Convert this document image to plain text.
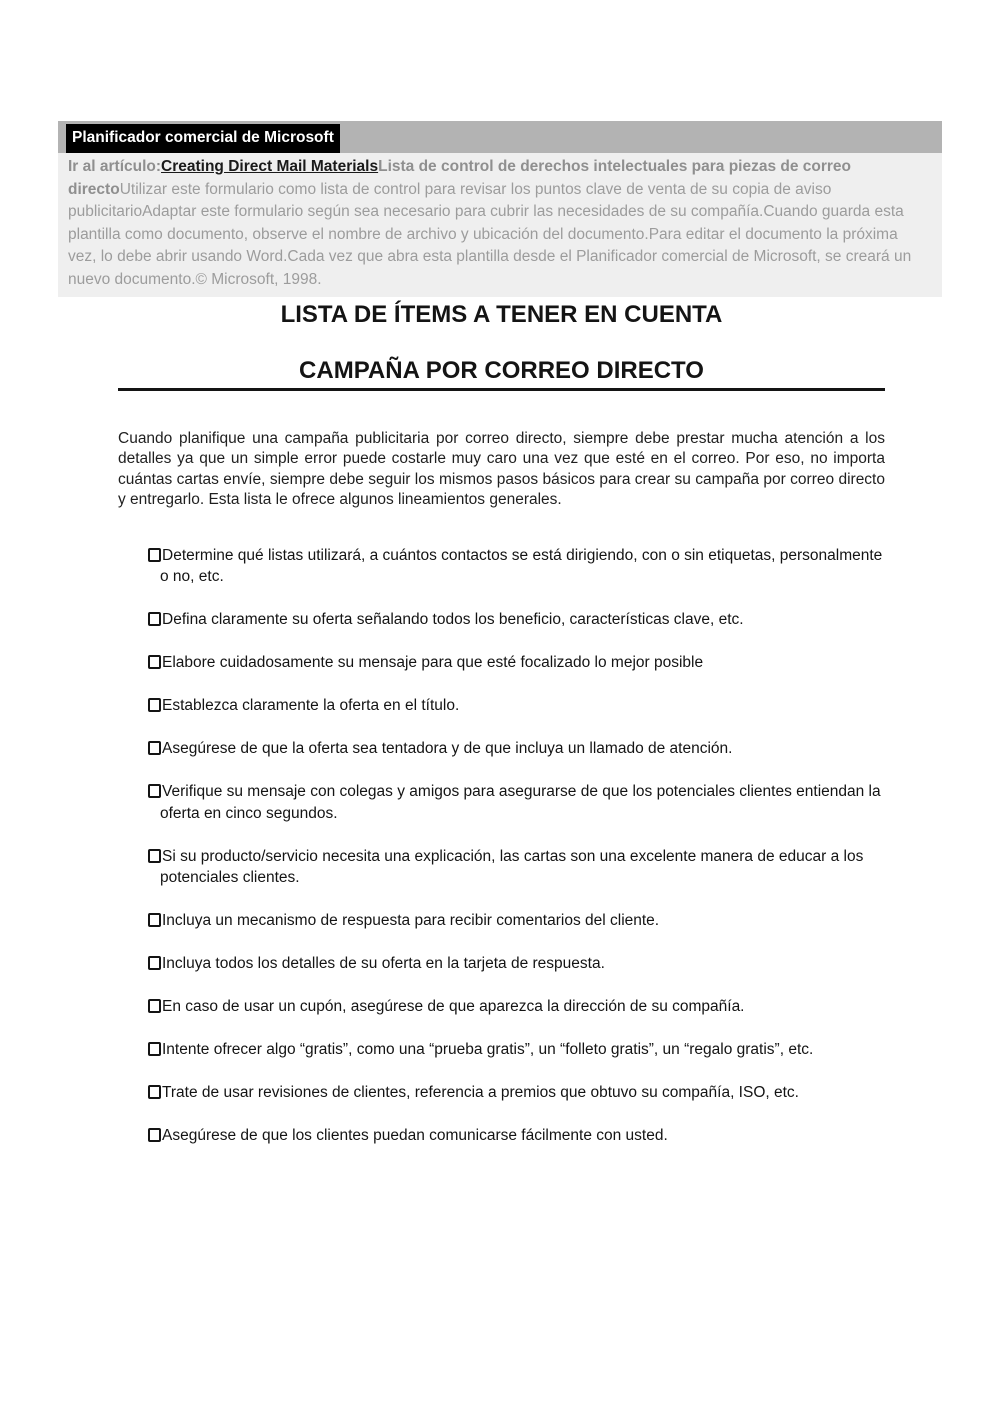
Planificador comercial de Microsoft

Ir al artículo:Creating Direct Mail MaterialsLista de control de derechos intelectuales para piezas de correo directoUtilizar este formulario como lista de control para revisar los puntos clave de venta de su copia de aviso publicitarioAdaptar este formulario según sea necesario para cubrir las necesidades de su compañía.Cuando guarda esta plantilla como documento, observe el nombre de archivo y ubicación del documento.Para editar el documento la próxima vez, lo debe abrir usando Word.Cada vez que abra esta plantilla desde el Planificador comercial de Microsoft, se creará un nuevo documento.© Microsoft, 1998.

LISTA DE ÍTEMS A TENER EN CUENTA
CAMPAÑA POR CORREO DIRECTO

Cuando planifique una campaña publicitaria por correo directo, siempre debe prestar mucha atención a los detalles ya que un simple error puede costarle muy caro una vez que esté en el correo. Por eso, no importa cuántas cartas envíe, siempre debe seguir los mismos pasos básicos para crear su campaña por correo directo y entregarlo. Esta lista le ofrece algunos lineamientos generales.

Determine qué listas utilizará, a cuántos contactos se está dirigiendo, con o sin etiquetas, personalmente o no, etc.

Defina claramente su oferta señalando todos los beneficio, características clave, etc.

Elabore cuidadosamente su mensaje para que esté focalizado lo mejor posible

Establezca claramente la oferta en el título.

Asegúrese de que la oferta sea tentadora y de que incluya un llamado de atención.

Verifique su mensaje con colegas y amigos para asegurarse de que los potenciales clientes entiendan la oferta en cinco segundos.

Si su producto/servicio necesita una explicación, las cartas son una excelente manera de educar a los potenciales clientes.

Incluya un mecanismo de respuesta para recibir comentarios del cliente.

Incluya todos los detalles de su oferta en la tarjeta de respuesta.

En caso de usar un cupón, asegúrese de que aparezca la dirección de su compañía.

Intente ofrecer algo “gratis”, como una “prueba gratis”, un “folleto gratis”, un “regalo gratis”, etc.

Trate de usar revisiones de clientes, referencia a premios que obtuvo su compañía, ISO, etc.

Asegúrese de que los clientes puedan comunicarse fácilmente con usted.
